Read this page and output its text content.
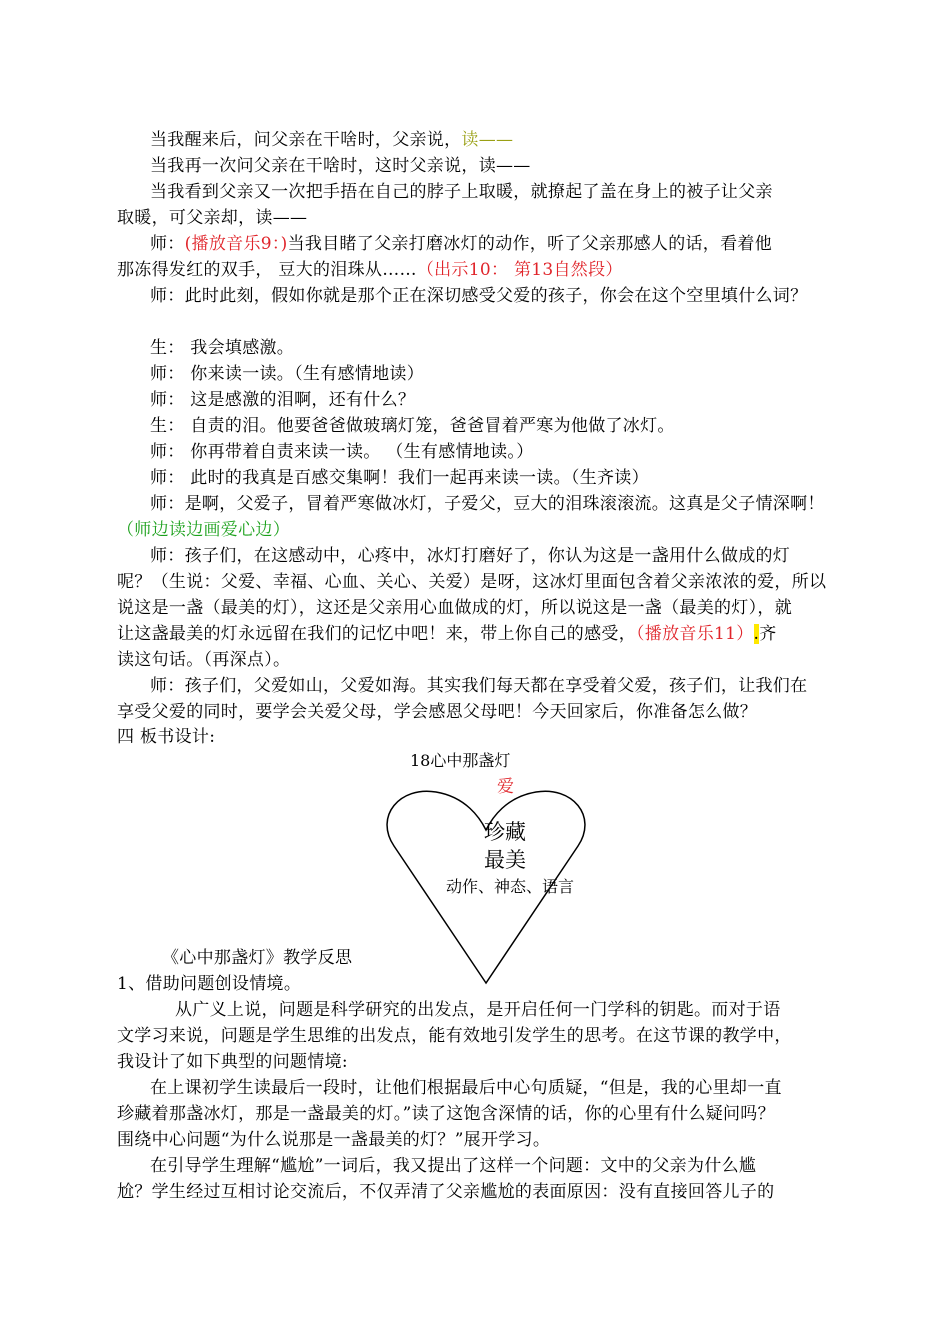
当我醒来后，问父亲在干啥时，父亲说，读——
当我再一次问父亲在干啥时，这时父亲说，读——
当我看到父亲又一次把手捂在自己的脖子上取暖，就撩起了盖在身上的被子让父亲
取暖，可父亲却，读——
师：(播放音乐9：)当我目睹了父亲打磨冰灯的动作，听了父亲那感人的话，看着他
那冻得发红的双手， 豆大的泪珠从……（出示10： 第13自然段）
师：此时此刻，假如你就是那个正在深切感受父爱的孩子，你会在这个空里填什么词？
生： 我会填感激。
师： 你来读一读。（生有感情地读）
师： 这是感激的泪啊，还有什么？
生： 自责的泪。他要爸爸做玻璃灯笼，爸爸冒着严寒为他做了冰灯。
师： 你再带着自责来读一读。 （生有感情地读。）
师： 此时的我真是百感交集啊！我们一起再来读一读。（生齐读）
师：是啊，父爱子，冒着严寒做冰灯，子爱父，豆大的泪珠滚滚流。这真是父子情深啊！
（师边读边画爱心边）
师：孩子们，在这感动中，心疼中，冰灯打磨好了，你认为这是一盏用什么做成的灯
呢？（生说：父爱、幸福、心血、关心、关爱）是呀，这冰灯里面包含着父亲浓浓的爱，所以
说这是一盏（最美的灯），这还是父亲用心血做成的灯，所以说这是一盏（最美的灯），就
让这盏最美的灯永远留在我们的记忆中吧！来，带上你自己的感受，（播放音乐11）.齐
读这句话。（再深点）。
师：孩子们，父爱如山，父爱如海。其实我们每天都在享受着父爱，孩子们，让我们在
享受父爱的同时，要学会关爱父母，学会感恩父母吧！今天回家后，你准备怎么做？
四 板书设计:
18心中那盏灯
爱
珍藏
最美
动作、神态、语言
《心中那盏灯》教学反思
1、借助问题创设情境。
从广义上说，问题是科学研究的出发点，是开启任何一门学科的钥匙。而对于语
文学习来说，问题是学生思维的出发点，能有效地引发学生的思考。在这节课的教学中，
我设计了如下典型的问题情境:
在上课初学生读最后一段时，让他们根据最后中心句质疑，“但是，我的心里却一直
珍藏着那盏冰灯，那是一盏最美的灯。”读了这饱含深情的话，你的心里有什么疑问吗？
围绕中心问题“为什么说那是一盏最美的灯？”展开学习。
在引导学生理解“尴尬”一词后，我又提出了这样一个问题：文中的父亲为什么尴
尬？学生经过互相讨论交流后，不仅弄清了父亲尴尬的表面原因：没有直接回答儿子的
